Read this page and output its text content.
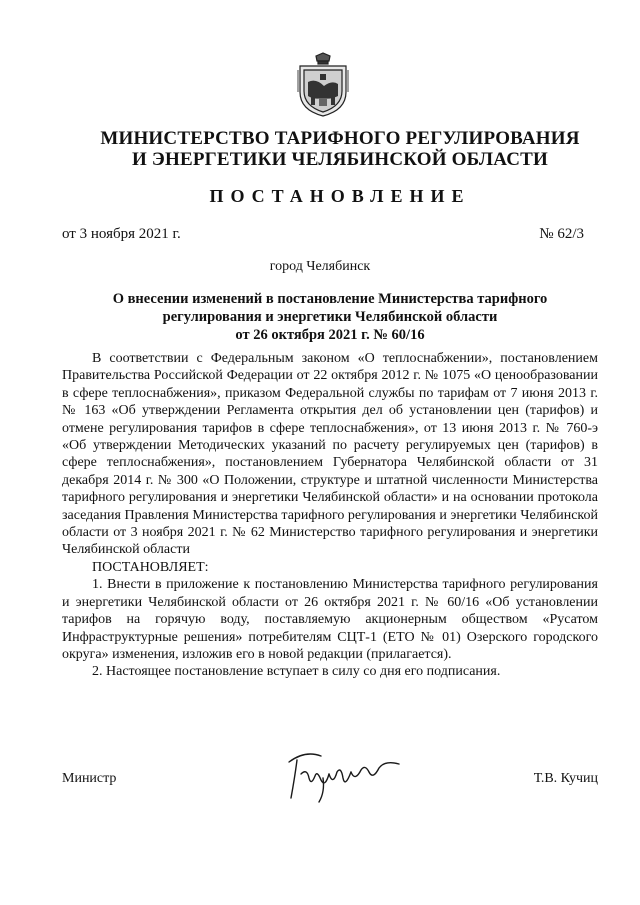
МИНИСТЕРСТВО ТАРИФНОГО РЕГУЛИРОВАНИЯ
И ЭНЕРГЕТИКИ ЧЕЛЯБИНСКОЙ ОБЛАСТИ
ПОСТАНОВЛЕНИЕ
от 3 ноября 2021 г.	№ 62/3
город Челябинск
О внесении изменений в постановление Министерства тарифного
регулирования и энергетики Челябинской области
от 26 октября 2021 г. № 60/16

В соответствии с Федеральным законом «О теплоснабжении», постановлением Правительства Российской Федерации от 22 октября 2012 г. № 1075 «О ценообразовании в сфере теплоснабжения», приказом Федеральной службы по тарифам от 7 июня 2013 г. № 163 «Об утверждении Регламента открытия дел об установлении цен (тарифов) и отмене регулирования тарифов в сфере теплоснабжения», от 13 июня 2013 г. № 760-э «Об утверждении Методических указаний по расчету регулируемых цен (тарифов) в сфере теплоснабжения», постановлением Губернатора Челябинской области от 31 декабря 2014 г. № 300 «О Положении, структуре и штатной численности Министерства тарифного регулирования и энергетики Челябинской области» и на основании протокола заседания Правления Министерства тарифного регулирования и энергетики Челябинской области от 3 ноября 2021 г. № 62 Министерство тарифного регулирования и энергетики Челябинской области

ПОСТАНОВЛЯЕТ:

1. Внести в приложение к постановлению Министерства тарифного регулирования и энергетики Челябинской области от 26 октября 2021 г. № 60/16 «Об установлении тарифов на горячую воду, поставляемую акционерным обществом «Русатом Инфраструктурные решения» потребителям СЦТ-1 (ЕТО № 01) Озерского городского округа» изменения, изложив его в новой редакции (прилагается).

2. Настоящее постановление вступает в силу со дня его подписания.

Министр	Т.В. Кучиц
